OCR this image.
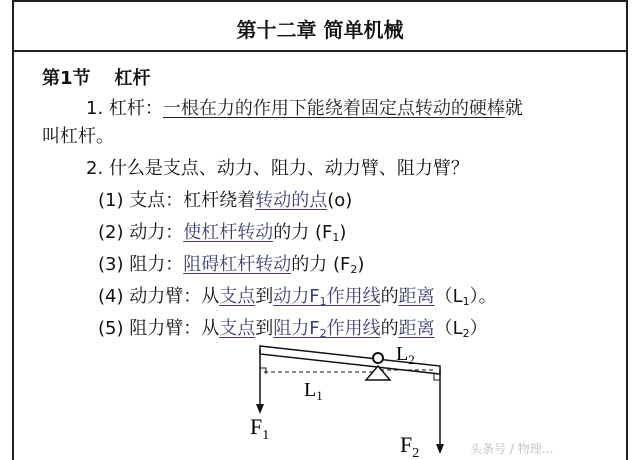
第十二章 简单机械
第1节 杠杆
1. 杠杆：一根在力的作用下能绕着固定点转动的硬棒就
叫杠杆。
2. 什么是支点、动力、阻力、动力臂、阻力臂？
(1) 支点：杠杆绕着转动的点(o)
(2) 动力：使杠杆转动的力 $(F_1)$
(3) 阻力：阻碍杠杆转动的力 $(F_2)$
(4) 动力臂：从支点到动力$F_1$作用线的距离$(L_1)$。
(5) 阻力臂：从支点到阻力$F_2$作用线的距离$(L_2)$
$L_2$
$L_1$
$F_1$	$F_2$	头条号 / 物理…
